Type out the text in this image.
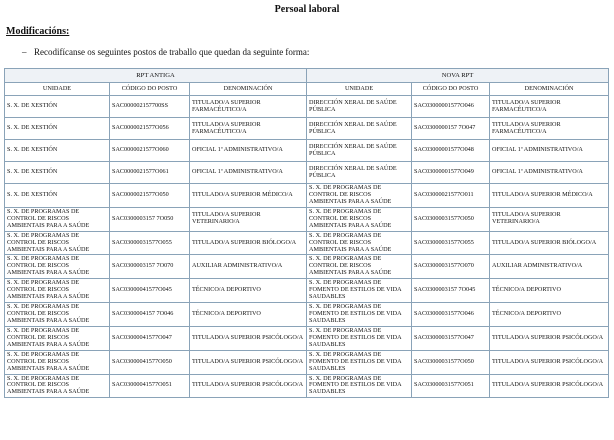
Persoal laboral
Modificacións:
– Recodifícanse os seguintes postos de traballo que quedan da seguinte forma:
RPT ANTIGA			NOVA RPT		
UNIDADE	CÓDIGO DO POSTO	DENOMINACIÓN	UNIDADE	CÓDIGO DO POSTO	DENOMINACIÓN
S. X. DE XESTIÓN	SAC000002157700SS	TITULADO/A SUPERIOR FARMACÉUTICO/A	DIRECCIÓN XERAL DE SAÚDE PÚBLICA	SAC03000001577O046	TITULADO/A SUPERIOR FARMACÉUTICO/A
S. X. DE XESTIÓN	SAC0000021577O056	TITULADO/A SUPERIOR FARMACÉUTICO/A	DIRECCIÓN XERAL DE SAÚDE PÚBLICA	SAC0300000157 7O047	TITULADO/A SUPERIOR FARMACÉUTICO/A
S. X. DE XESTIÓN	SAC0000021577O060	OFICIAL 1ª ADMINISTRATIVO/A	DIRECCIÓN XERAL DE SAÚDE PÚBLICA	SAC03000001577O048	OFICIAL 1ª ADMINISTRATIVO/A
S. X. DE XESTIÓN	SAC0000021577O061	OFICIAL 1ª ADMINISTRATIVO/A	DIRECCIÓN XERAL DE SAÚDE PÚBLICA	SAC03000001577O049	OFICIAL 1ª ADMINISTRATIVO/A
S. X. DE XESTIÓN	SAC0000021577O050	TITULADO/A SUPERIOR MÉDICO/A	S. X. DE PROGRAMAS DE CONTROL DE RISCOS AMBIENTAIS PARA A SAÚDE	SAC03000021577O011	TITULADO/A SUPERIOR MÉDICO/A
S. X. DE PROGRAMAS DE CONTROL DE RISCOS AMBIENTAIS PARA A SAÚDE	SAC0300003157 7O050	TITULADO/A SUPERIOR VETERINARIO/A	S. X. DE PROGRAMAS DE CONTROL DE RISCOS AMBIENTAIS PARA A SAÚDE	SAC03000031577O050	TITULADO/A SUPERIOR VETERINARIO/A
S. X. DE PROGRAMAS DE CONTROL DE RISCOS AMBIENTAIS PARA A SAÚDE	SAC03000031577O055	TITULADO/A SUPERIOR BIÓLOGO/A	S. X. DE PROGRAMAS DE CONTROL DE RISCOS AMBIENTAIS PARA A SAÚDE	SAC03000031577O055	TITULADO/A SUPERIOR BIÓLOGO/A
S. X. DE PROGRAMAS DE CONTROL DE RISCOS AMBIENTAIS PARA A SAÚDE	SAC0300003157 7O070	AUXILIAR ADMINISTRATIVO/A	S. X. DE PROGRAMAS DE CONTROL DE RISCOS AMBIENTAIS PARA A SAÚDE	SAC03000031577O070	AUXILIAR ADMINISTRATIVO/A
S. X. DE PROGRAMAS DE CONTROL DE RISCOS AMBIENTAIS PARA A SAÚDE	SAC03000041577O045	TÉCNICO/A DEPORTIVO	S. X. DE PROGRAMAS DE FOMENTO DE ESTILOS DE VIDA SAUDABLES	SAC0300003157 7O045	TÉCNICO/A DEPORTIVO
S. X. DE PROGRAMAS DE CONTROL DE RISCOS AMBIENTAIS PARA A SAÚDE	SAC0300004157 7O046	TÉCNICO/A DEPORTIVO	S. X. DE PROGRAMAS DE FOMENTO DE ESTILOS DE VIDA SAUDABLES	SAC03000031577O046	TÉCNICO/A DEPORTIVO
S. X. DE PROGRAMAS DE CONTROL DE RISCOS AMBIENTAIS PARA A SAÚDE	SAC03000041577O047	TITULADO/A SUPERIOR PSICÓLOGO/A	S. X. DE PROGRAMAS DE FOMENTO DE ESTILOS DE VIDA SAUDABLES	SAC03000031577O047	TITULADO/A SUPERIOR PSICÓLOGO/A
S. X. DE PROGRAMAS DE CONTROL DE RISCOS AMBIENTAIS PARA A SAÚDE	SAC03000041577O050	TITULADO/A SUPERIOR PSICÓLOGO/A	S. X. DE PROGRAMAS DE FOMENTO DE ESTILOS DE VIDA SAUDABLES	SAC03000031577O050	TITULADO/A SUPERIOR PSICÓLOGO/A
S. X. DE PROGRAMAS DE CONTROL DE RISCOS AMBIENTAIS PARA A SAÚDE	SAC03000041577O051	TITULADO/A SUPERIOR PSICÓLOGO/A	S. X. DE PROGRAMAS DE FOMENTO DE ESTILOS DE VIDA SAUDABLES	SAC03000031577O051	TITULADO/A SUPERIOR PSICÓLOGO/A
